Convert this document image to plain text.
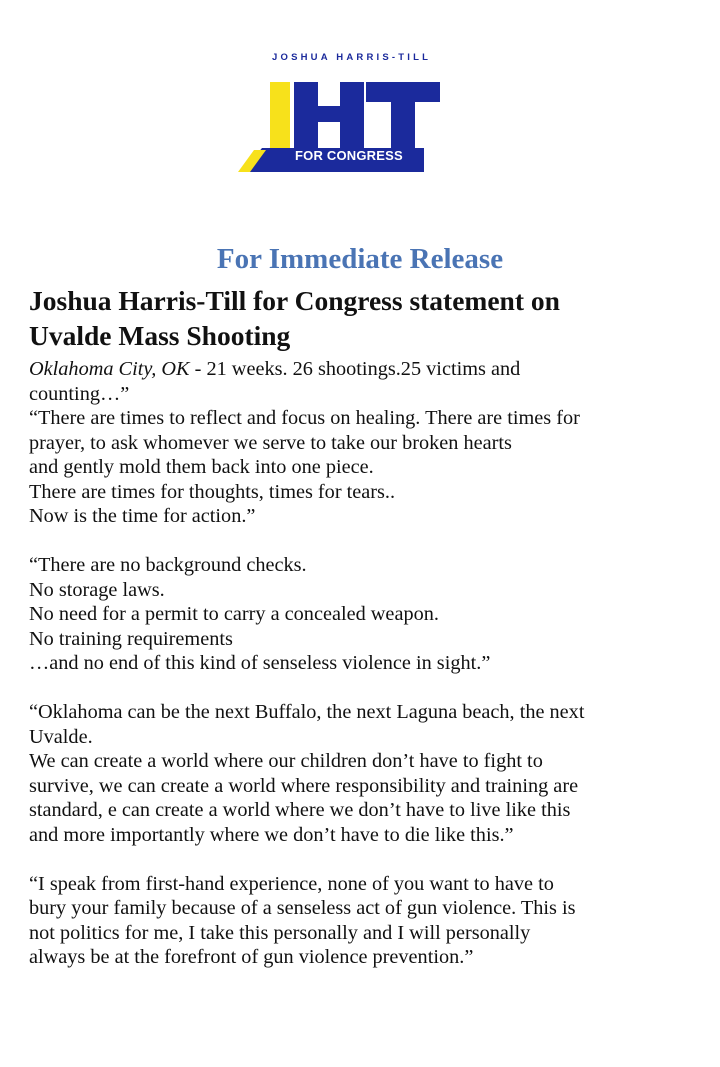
JOSHUA HARRIS-TILL
FOR CONGRESS
For Immediate Release
Joshua Harris-Till for Congress statement on
Uvalde Mass Shooting

Oklahoma City, OK - 21 weeks. 26 shootings.25 victims and

counting…”

“There are times to reflect and focus on healing. There are times for

prayer, to ask whomever we serve to take our broken hearts

and gently mold them back into one piece.

There are times for thoughts, times for tears..

Now is the time for action.”

“There are no background checks.

No storage laws.

No need for a permit to carry a concealed weapon.

No training requirements

…and no end of this kind of senseless violence in sight.”

“Oklahoma can be the next Buffalo, the next Laguna beach, the next

Uvalde.

We can create a world where our children don’t have to fight to

survive, we can create a world where responsibility and training are

standard, e can create a world where we don’t have to live like this

and more importantly where we don’t have to die like this.”

“I speak from first-hand experience, none of you want to have to

bury your family because of a senseless act of gun violence. This is

not politics for me, I take this personally and I will personally

always be at the forefront of gun violence prevention.”
